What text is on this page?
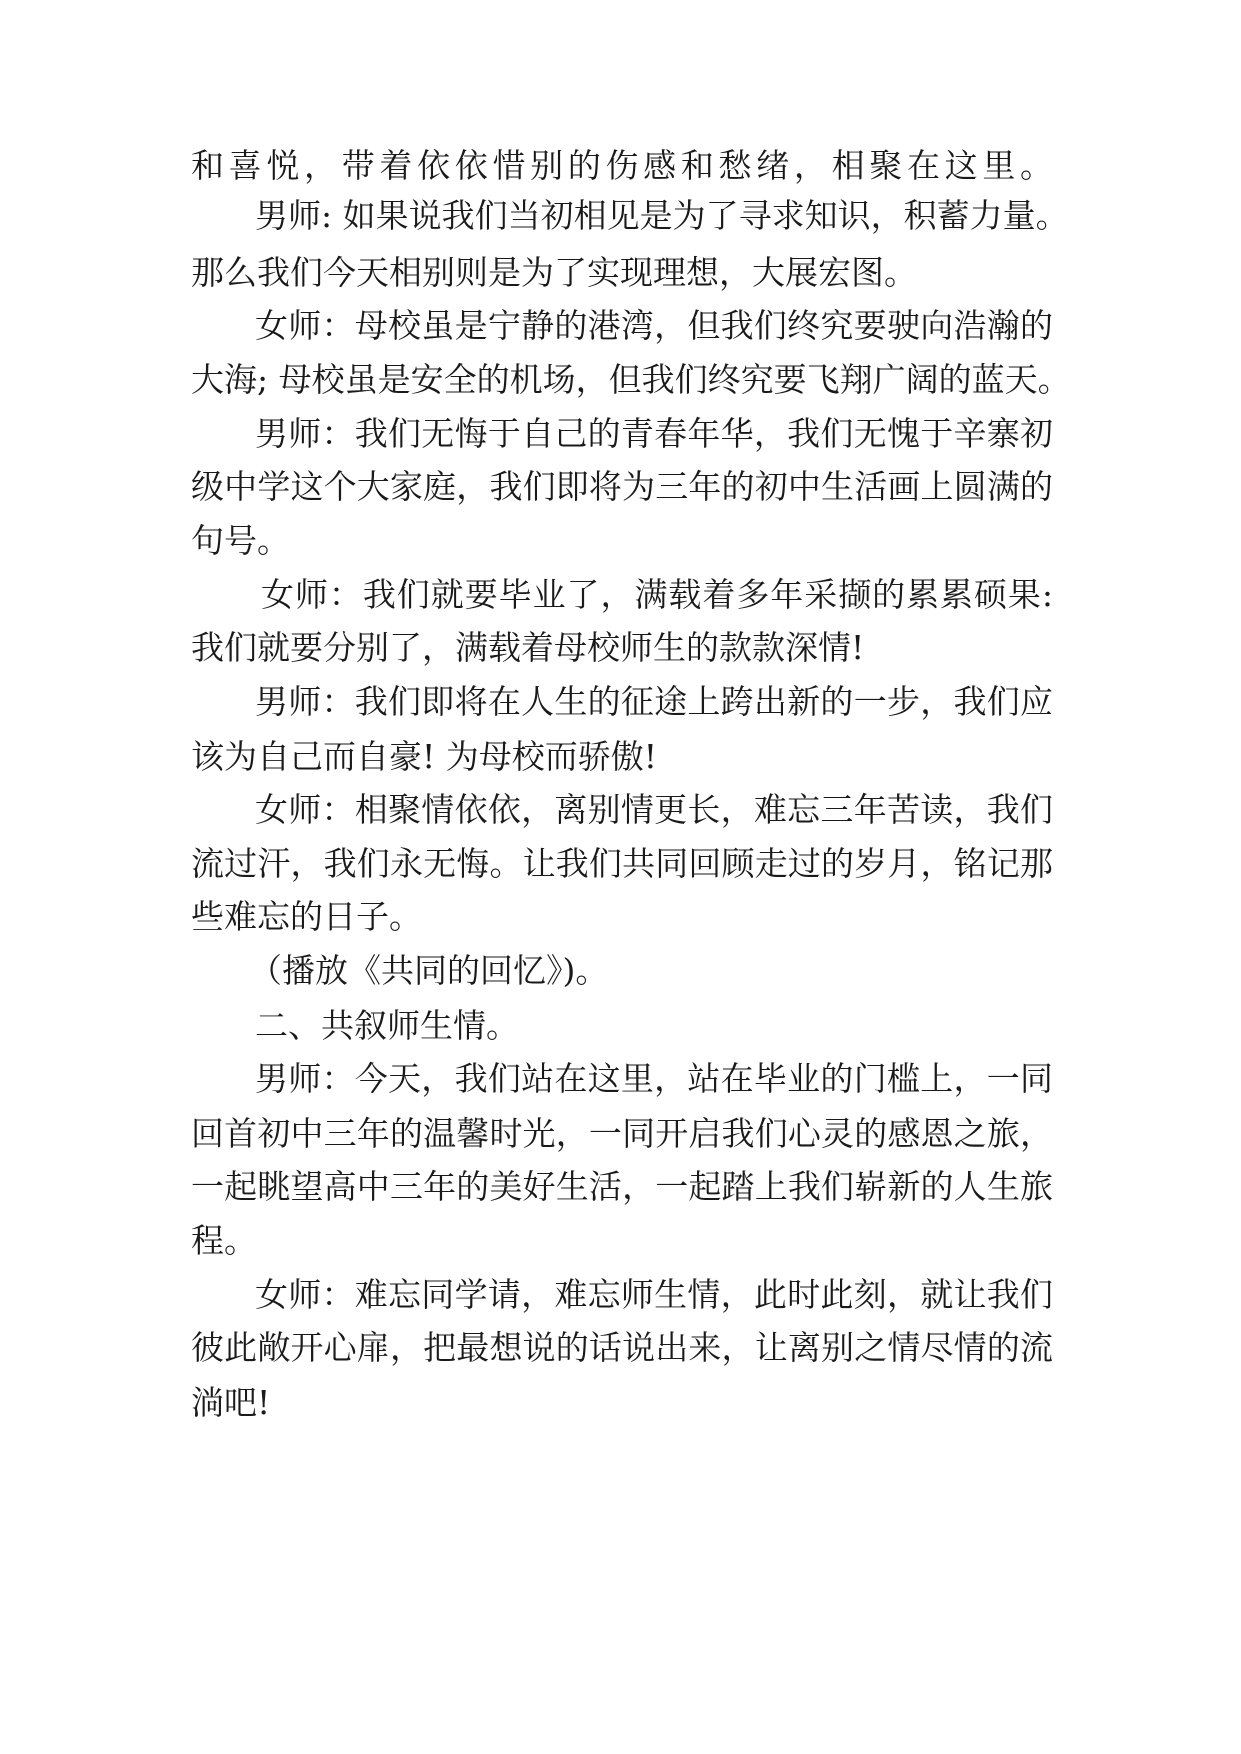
和喜悦，带着依依惜别的伤感和愁绪，相聚在这里。

男师: 如果说我们当初相见是为了寻求知识，积蓄力量。

那么我们今天相别则是为了实现理想，大展宏图。

女师：母校虽是宁静的港湾，但我们终究要驶向浩瀚的

大海; 母校虽是安全的机场，但我们终究要飞翔广阔的蓝天。

男师：我们无悔于自己的青春年华，我们无愧于辛寨初

级中学这个大家庭，我们即将为三年的初中生活画上圆满的

句号。

女师：我们就要毕业了，满载着多年采撷的累累硕果:

我们就要分别了，满载着母校师生的款款深情!

男师：我们即将在人生的征途上跨出新的一步，我们应

该为自己而自豪! 为母校而骄傲!

女师：相聚情依依，离别情更长，难忘三年苦读，我们

流过汗，我们永无悔。让我们共同回顾走过的岁月，铭记那

些难忘的日子。

（播放《共同的回忆》)。

二、共叙师生情。

男师：今天，我们站在这里，站在毕业的门槛上，一同

回首初中三年的温馨时光，一同开启我们心灵的感恩之旅，

一起眺望高中三年的美好生活，一起踏上我们崭新的人生旅

程。

女师：难忘同学请，难忘师生情，此时此刻，就让我们

彼此敞开心扉，把最想说的话说出来，让离别之情尽情的流

淌吧!
